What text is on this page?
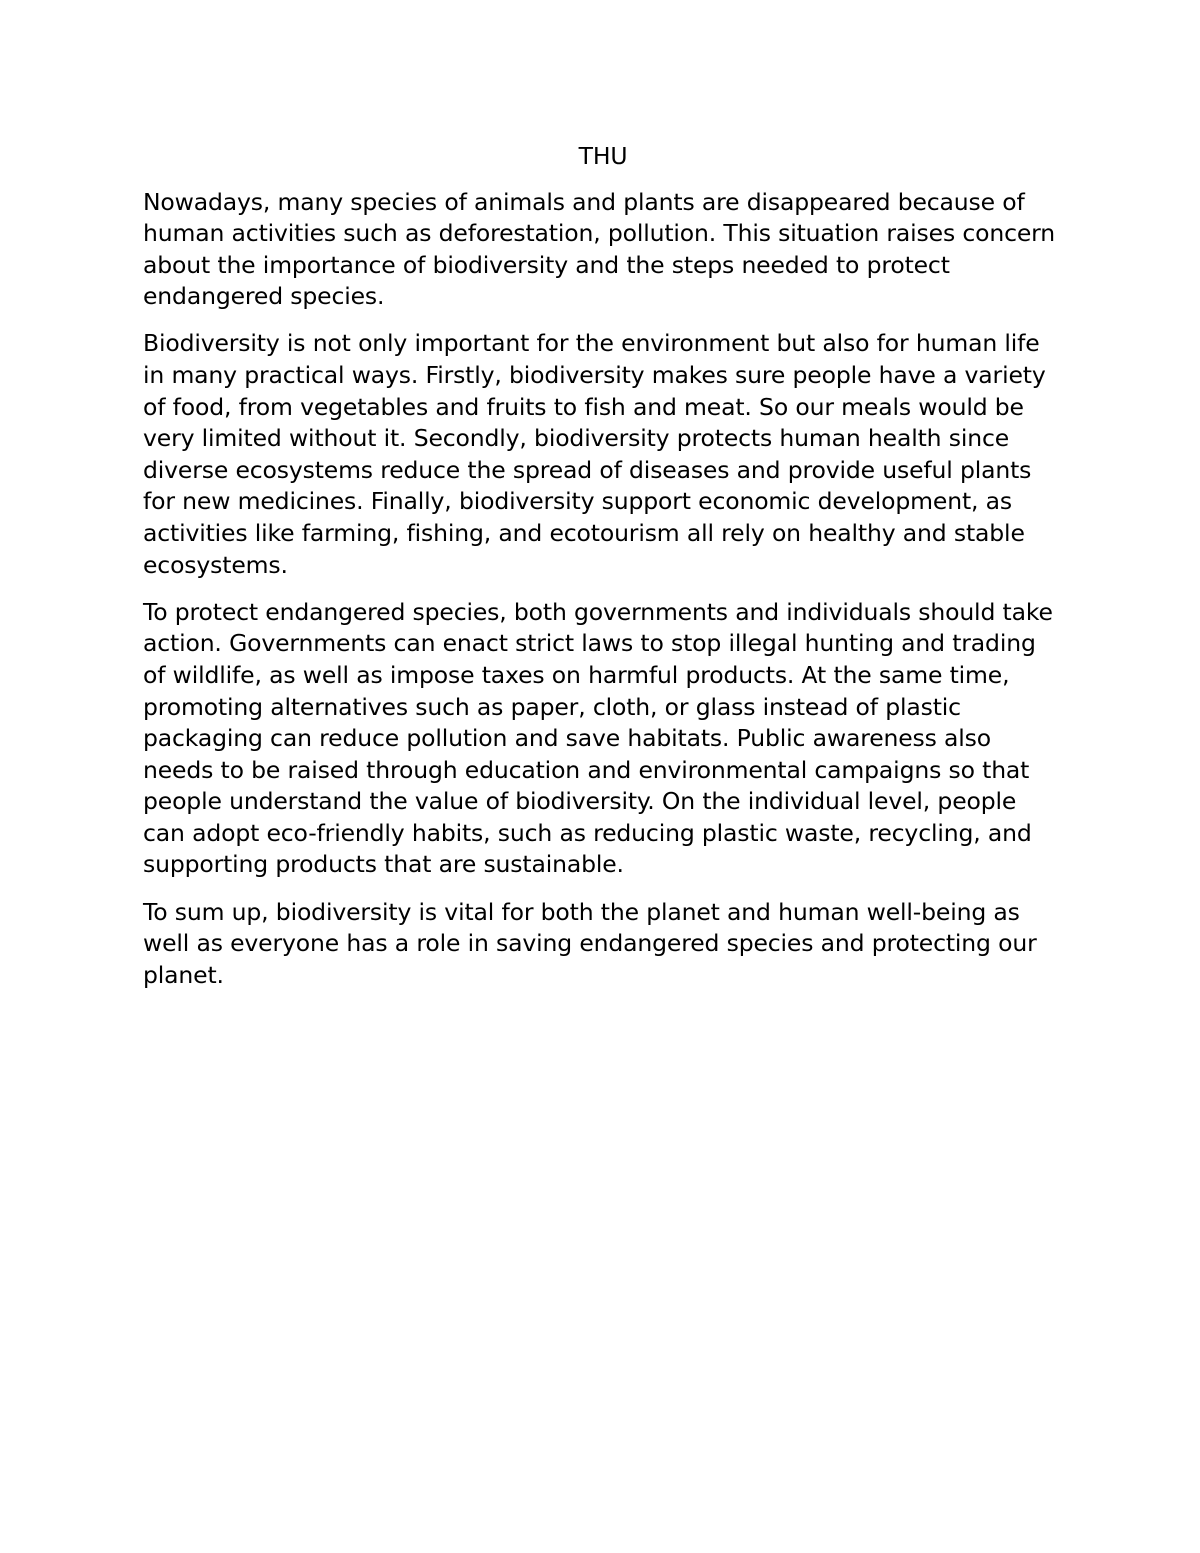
THU

Nowadays, many species of animals and plants are disappeared because of human activities such as deforestation, pollution. This situation raises concern about the importance of biodiversity and the steps needed to protect endangered species.

Biodiversity is not only important for the environment but also for human life in many practical ways. Firstly, biodiversity makes sure people have a variety of food, from vegetables and fruits to fish and meat. So our meals would be very limited without it. Secondly, biodiversity protects human health since diverse ecosystems reduce the spread of diseases and provide useful plants for new medicines. Finally, biodiversity support economic development, as activities like farming, fishing, and ecotourism all rely on healthy and stable ecosystems.

To protect endangered species, both governments and individuals should take action. Governments can enact strict laws to stop illegal hunting and trading of wildlife, as well as impose taxes on harmful products. At the same time, promoting alternatives such as paper, cloth, or glass instead of plastic packaging can reduce pollution and save habitats. Public awareness also needs to be raised through education and environmental campaigns so that people understand the value of biodiversity. On the individual level, people can adopt eco-friendly habits, such as reducing plastic waste, recycling, and supporting products that are sustainable.

To sum up, biodiversity is vital for both the planet and human well-being as well as everyone has a role in saving endangered species and protecting our planet.
